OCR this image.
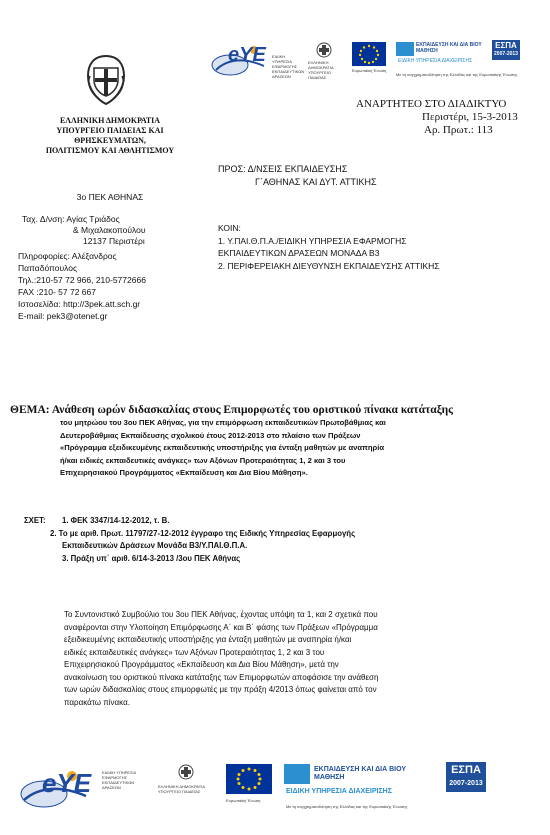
eYE ΕΙΔΙΚΗ ΥΠΗΡΕΣΙΑ ΕΦΑΡΜΟΓΗΣ ΕΚΠΑΙΔΕΥΤΙΚΩΝ ΔΡΑΣΕΩΝ
ΕΛΛΗΝΙΚΗ ΔΗΜΟΚΡΑΤΙΑ ΥΠΟΥΡΓΕΙΟ ΠΑΙΔΕΙΑΣ
Ευρωπαϊκή Ένωση
ΕΚΠΑΙΔΕΥΣΗ ΚΑΙ ΔΙΑ ΒΙΟΥ ΜΑΘΗΣΗ
ΕΙΔΙΚΗ ΥΠΗΡΕΣΙΑ ΔΙΑΧΕΙΡΙΣΗΣ
ΕΣΠΑ
2007-2013
Με τη συγχρηματοδότηση της Ελλάδας και της Ευρωπαϊκής Ένωσης
ΕΛΛΗΝΙΚΗ ΔΗΜΟΚΡΑΤΙΑ
ΥΠΟΥΡΓΕΙΟ ΠΑΙΔΕΙΑΣ ΚΑΙ
ΘΡΗΣΚΕΥΜΑΤΩΝ,
ΠΟΛΙΤΙΣΜΟΥ ΚΑΙ ΑΘΛΗΤΙΣΜΟΥ
3ο ΠΕΚ ΑΘΗΝΑΣ
Ταχ. Δ/νση: Αγίας Τριάδος
& Μιχαλακοπούλου
12137 Περιστέρι
Πληροφορίες: Αλέξανδρος
Παπαδόπουλος
Τηλ.:210-57 72 966, 210-5772666
FAX :210- 57 72 667
Ιστοσελίδα: http://3pek.att.sch.gr
E-mail: pek3@otenet.gr
ΑΝΑΡΤΗΤΕΟ ΣΤΟ ΔΙΑΔΙΚΤΥΟ
Περιστέρι, 15-3-2013
Αρ. Πρωτ.: 113
ΠΡΟΣ: Δ/ΝΣΕΙΣ ΕΚΠΑΙΔΕΥΣΗΣ
Γ΄ΑΘΗΝΑΣ ΚΑΙ ΔΥΤ. ΑΤΤΙΚΗΣ
ΚΟΙΝ:
1. Υ.ΠΑΙ.Θ.Π.Α./ΕΙΔΙΚΗ ΥΠΗΡΕΣΙΑ ΕΦΑΡΜΟΓΗΣ
ΕΚΠΑΙΔΕΥΤΙΚΩΝ ΔΡΑΣΕΩΝ ΜΟΝΑΔΑ Β3
2. ΠΕΡΙΦΕΡΕΙΑΚΗ ΔΙΕΥΘΥΝΣΗ ΕΚΠΑΙΔΕΥΣΗΣ ΑΤΤΙΚΗΣ
ΘΕΜΑ: Ανάθεση ωρών διδασκαλίας στους Επιμορφωτές του οριστικού πίνακα κατάταξης
του μητρώου του 3ου ΠΕΚ Αθήνας, για την επιμόρφωση εκπαιδευτικών Πρωτοβάθμιας και
Δευτεροβάθμιας Εκπαίδευσης σχολικού έτους 2012-2013 στο πλαίσιο των Πράξεων
«Πρόγραμμα εξειδικευμένης εκπαιδευτικής υποστήριξης για ένταξη μαθητών με αναπηρία
ή/και ειδικές εκπαιδευτικές ανάγκες» των Αξόνων Προτεραιότητας 1, 2 και 3 του
Επιχειρησιακού Προγράμματος «Εκπαίδευση και Δια Βίου Μάθηση».
ΣΧΕΤ:	1. ΦΕΚ 3347/14-12-2012, τ. Β.
2. Το με αριθ. Πρωτ. 11797/27-12-2012 έγγραφο της Ειδικής Υπηρεσίας Εφαρμογής
Εκπαιδευτικών Δράσεων Μονάδα Β3/Υ.ΠΑΙ.Θ.Π.Α.
3. Πράξη υπ΄ αριθ. 6/14-3-2013 /3ου ΠΕΚ Αθήνας
Το Συντονιστικό Συμβούλιο του 3ου ΠΕΚ Αθήνας, έχοντας υπόψη τα 1, και 2 σχετικά που
αναφέρονται στην Υλοποίηση Επιμόρφωσης Α΄ και Β΄ φάσης των Πράξεων «Πρόγραμμα
εξειδικευμένης εκπαιδευτικής υποστήριξης για ένταξη μαθητών με αναπηρία ή/και
ειδικές εκπαιδευτικές ανάγκες» των Αξόνων Προτεραιότητας 1, 2 και 3 του
Επιχειρησιακού Προγράμματος «Εκπαίδευση και Δια Βίου Μάθηση», μετά την
ανακοίνωση του οριστικού πίνακα κατάταξης των Επιμορφωτών αποφάσισε την ανάθεση
των ωρών διδασκαλίας στους επιμορφωτές με την πράξη 4/2013 όπως φαίνεται από τον
παρακάτω πίνακα.
eYE	ΕΙΔΙΚΗ ΥΠΗΡΕΣΙΑ ΕΦΑΡΜΟΓΗΣ ΕΚΠΑΙΔΕΥΤΙΚΩΝ ΔΡΑΣΕΩΝ	ΕΛΛΗΝΙΚΗ ΔΗΜΟΚΡΑΤΙΑ ΥΠΟΥΡΓΕΙΟ ΠΑΙΔΕΙΑΣ
Ευρωπαϊκή Ένωση
ΕΚΠΑΙΔΕΥΣΗ ΚΑΙ ΔΙΑ ΒΙΟΥ ΜΑΘΗΣΗ
ΕΙΔΙΚΗ ΥΠΗΡΕΣΙΑ ΔΙΑΧΕΙΡΙΣΗΣ
ΕΣΠΑ
2007-2013
Με τη συγχρηματοδότηση της Ελλάδας και της Ευρωπαϊκής Ένωσης
